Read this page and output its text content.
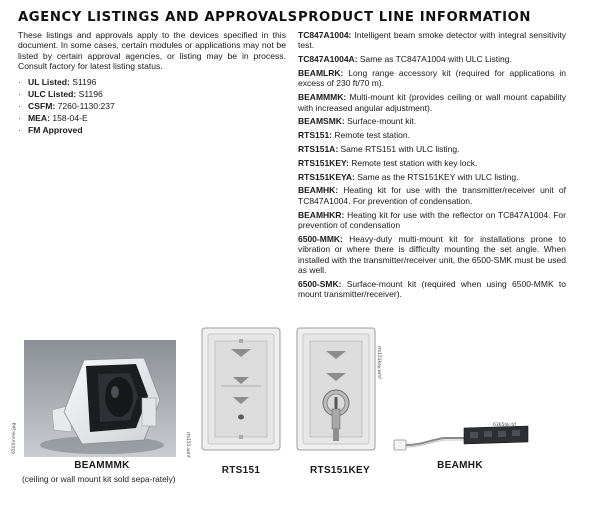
AGENCY LISTINGS AND APPROVALS

These listings and approvals apply to the devices specified in this document. In some cases, certain modules or applications may not be listed by certain approval agencies, or listing may be in process. Consult factory for latest listing status.

· UL Listed: S1196
· ULC Listed: S1196
· CSFM: 7260-1130:237
· MEA: 158-04-E
· FM Approved
PRODUCT LINE INFORMATION

TC847A1004: Intelligent beam smoke detector with integral sensitivity test.

TC847A1004A: Same as TC847A1004 with ULC Listing.

BEAMLRK: Long range accessory kit (required for applications in excess of 230 ft/70 m).

BEAMMMK: Multi-mount kit (provides ceiling or wall mount capability with increased angular adjustment).

BEAMSMK: Surface-mount kit.

RTS151: Remote test station.

RTS151A: Same RTS151 with ULC listing.

RTS151KEY: Remote test station with key lock.

RTS151KEYA: Same as the RTS151KEY with ULC listing.

BEAMHK: Heating kit for use with the transmitter/receiver unit of TC847A1004. For prevention of condensation.

BEAMHKR: Heating kit for use with the reflector on TC847A1004. For prevention of condensation

6500-MMK: Heavy-duty multi-mount kit for installations prone to vibration or where there is difficulty mounting the set angle. When installed with the transmitter/receiver unit, the 6500-SMK must be used as well.

6500-SMK: Surface-mount kit (required when using 6500-MMK to mount transmitter/receiver).

6500mmk.jpg
BEAMMMK
(ceiling or wall mount kit sold sepa-rately)
rts151.wmf
RTS151
rts151key.wmf
RTS151KEY
6365hk.tif
BEAMHK
